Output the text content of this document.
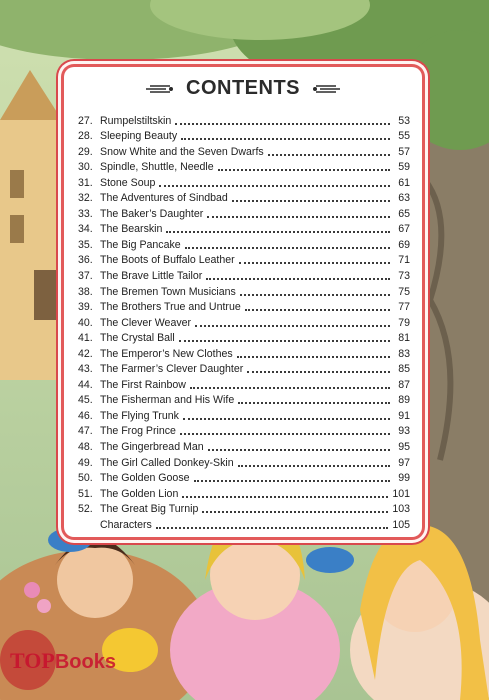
CONTENTS
27. Rumpelstiltskin	53
28. Sleeping Beauty	55
29. Snow White and the Seven Dwarfs	57
30. Spindle, Shuttle, Needle	59
31. Stone Soup	61
32. The Adventures of Sindbad	63
33. The Baker’s Daughter	65
34. The Bearskin	67
35. The Big Pancake	69
36. The Boots of Buffalo Leather	71
37. The Brave Little Tailor	73
38. The Bremen Town Musicians	75
39. The Brothers True and Untrue	77
40. The Clever Weaver	79
41. The Crystal Ball	81
42. The Emperor’s New Clothes	83
43. The Farmer’s Clever Daughter	85
44. The First Rainbow	87
45. The Fisherman and His Wife	89
46. The Flying Trunk	91
47. The Frog Prince	93
48. The Gingerbread Man	95
49. The Girl Called Donkey-Skin	97
50. The Golden Goose	99
51. The Golden Lion	101
52. The Great Big Turnip	103
Characters	105
TOPBooks
